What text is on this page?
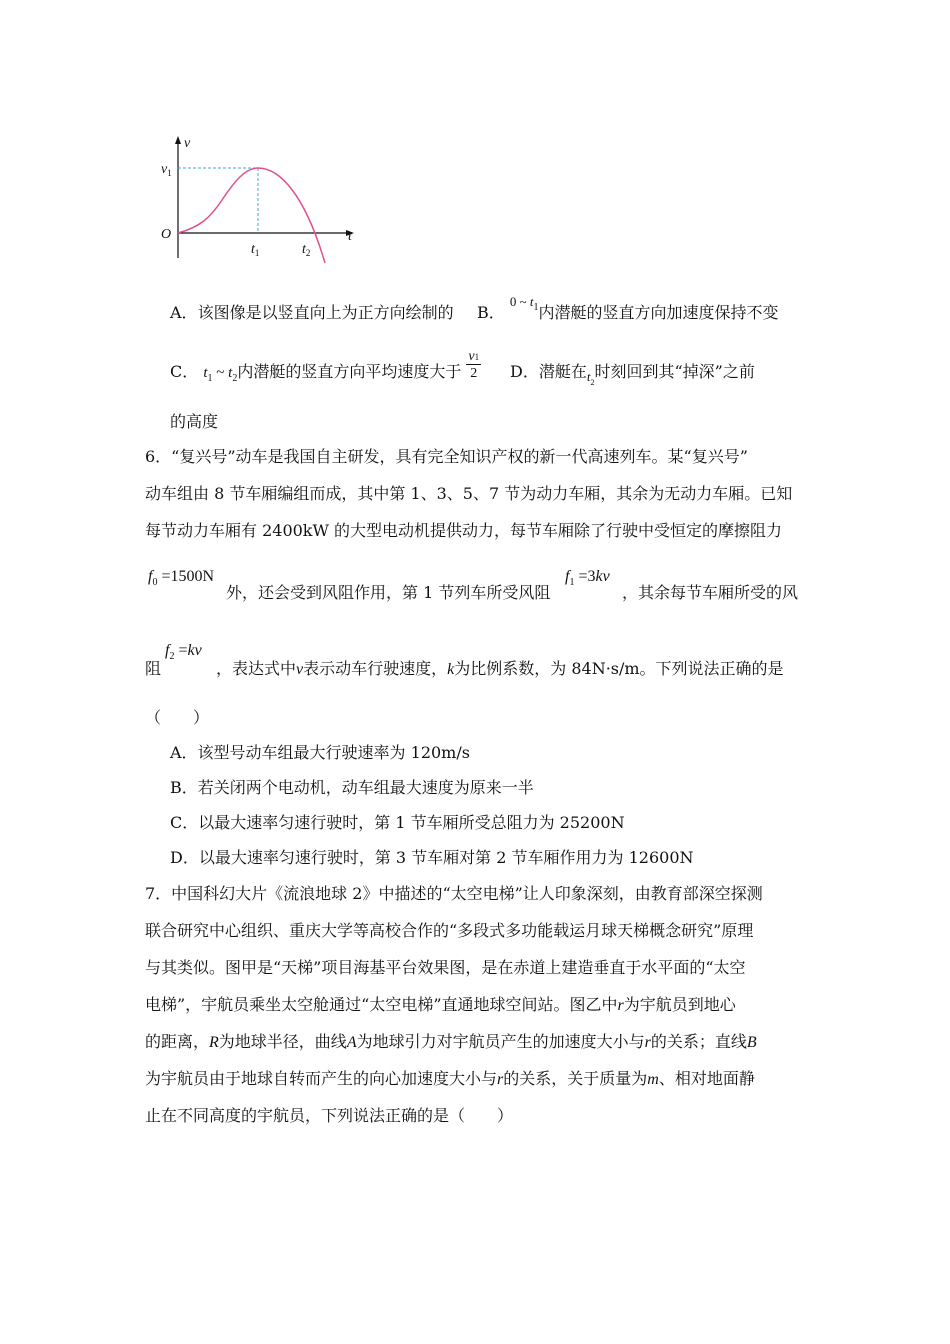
v
t
O
$v_1$
$t_1$	$t_2$
A．该图像是以竖直向上为正方向绘制的 B． $^{0 \sim t_1}$内潜艇的竖直方向加速度保持不变
C． $t_1$ ~ $t_2$内潜艇的竖直方向平均速度大于 $\frac{v1}{2}$ D．潜艇在$_{t_2}$时刻回到其“掉深”之前
的高度
6．“复兴号”动车是我国自主研发，具有完全知识产权的新一代高速列车。某“复兴号”
动车组由 8 节车厢编组而成，其中第 1、3、5、7 节为动力车厢，其余为无动力车厢。已知
每节动力车厢有 2400kW 的大型电动机提供动力，每节车厢除了行驶中受恒定的摩擦阻力
$f_0 =1500N$
外，还会受到风阻作用，第 1 节列车所受风阻
$f_1 =3kv$
，其余每节车厢所受的风
阻
$f_2 =kv$
，表达式中v表示动车行驶速度，k为比例系数，为 84N·s/m。下列说法正确的是
（　　）
A．该型号动车组最大行驶速率为 120m/s
B．若关闭两个电动机，动车组最大速度为原来一半
C．以最大速率匀速行驶时，第 1 节车厢所受总阻力为 25200N
D．以最大速率匀速行驶时，第 3 节车厢对第 2 节车厢作用力为 12600N
7．中国科幻大片《流浪地球 2》中描述的“太空电梯”让人印象深刻，由教育部深空探测
联合研究中心组织、重庆大学等高校合作的“多段式多功能载运月球天梯概念研究”原理
与其类似。图甲是“天梯”项目海基平台效果图，是在赤道上建造垂直于水平面的“太空
电梯”，宇航员乘坐太空舱通过“太空电梯”直通地球空间站。图乙中r为宇航员到地心
的距离，R为地球半径，曲线A为地球引力对宇航员产生的加速度大小与r的关系；直线B
为宇航员由于地球自转而产生的向心加速度大小与r的关系，关于质量为m、相对地面静
止在不同高度的宇航员，下列说法正确的是（　　）
